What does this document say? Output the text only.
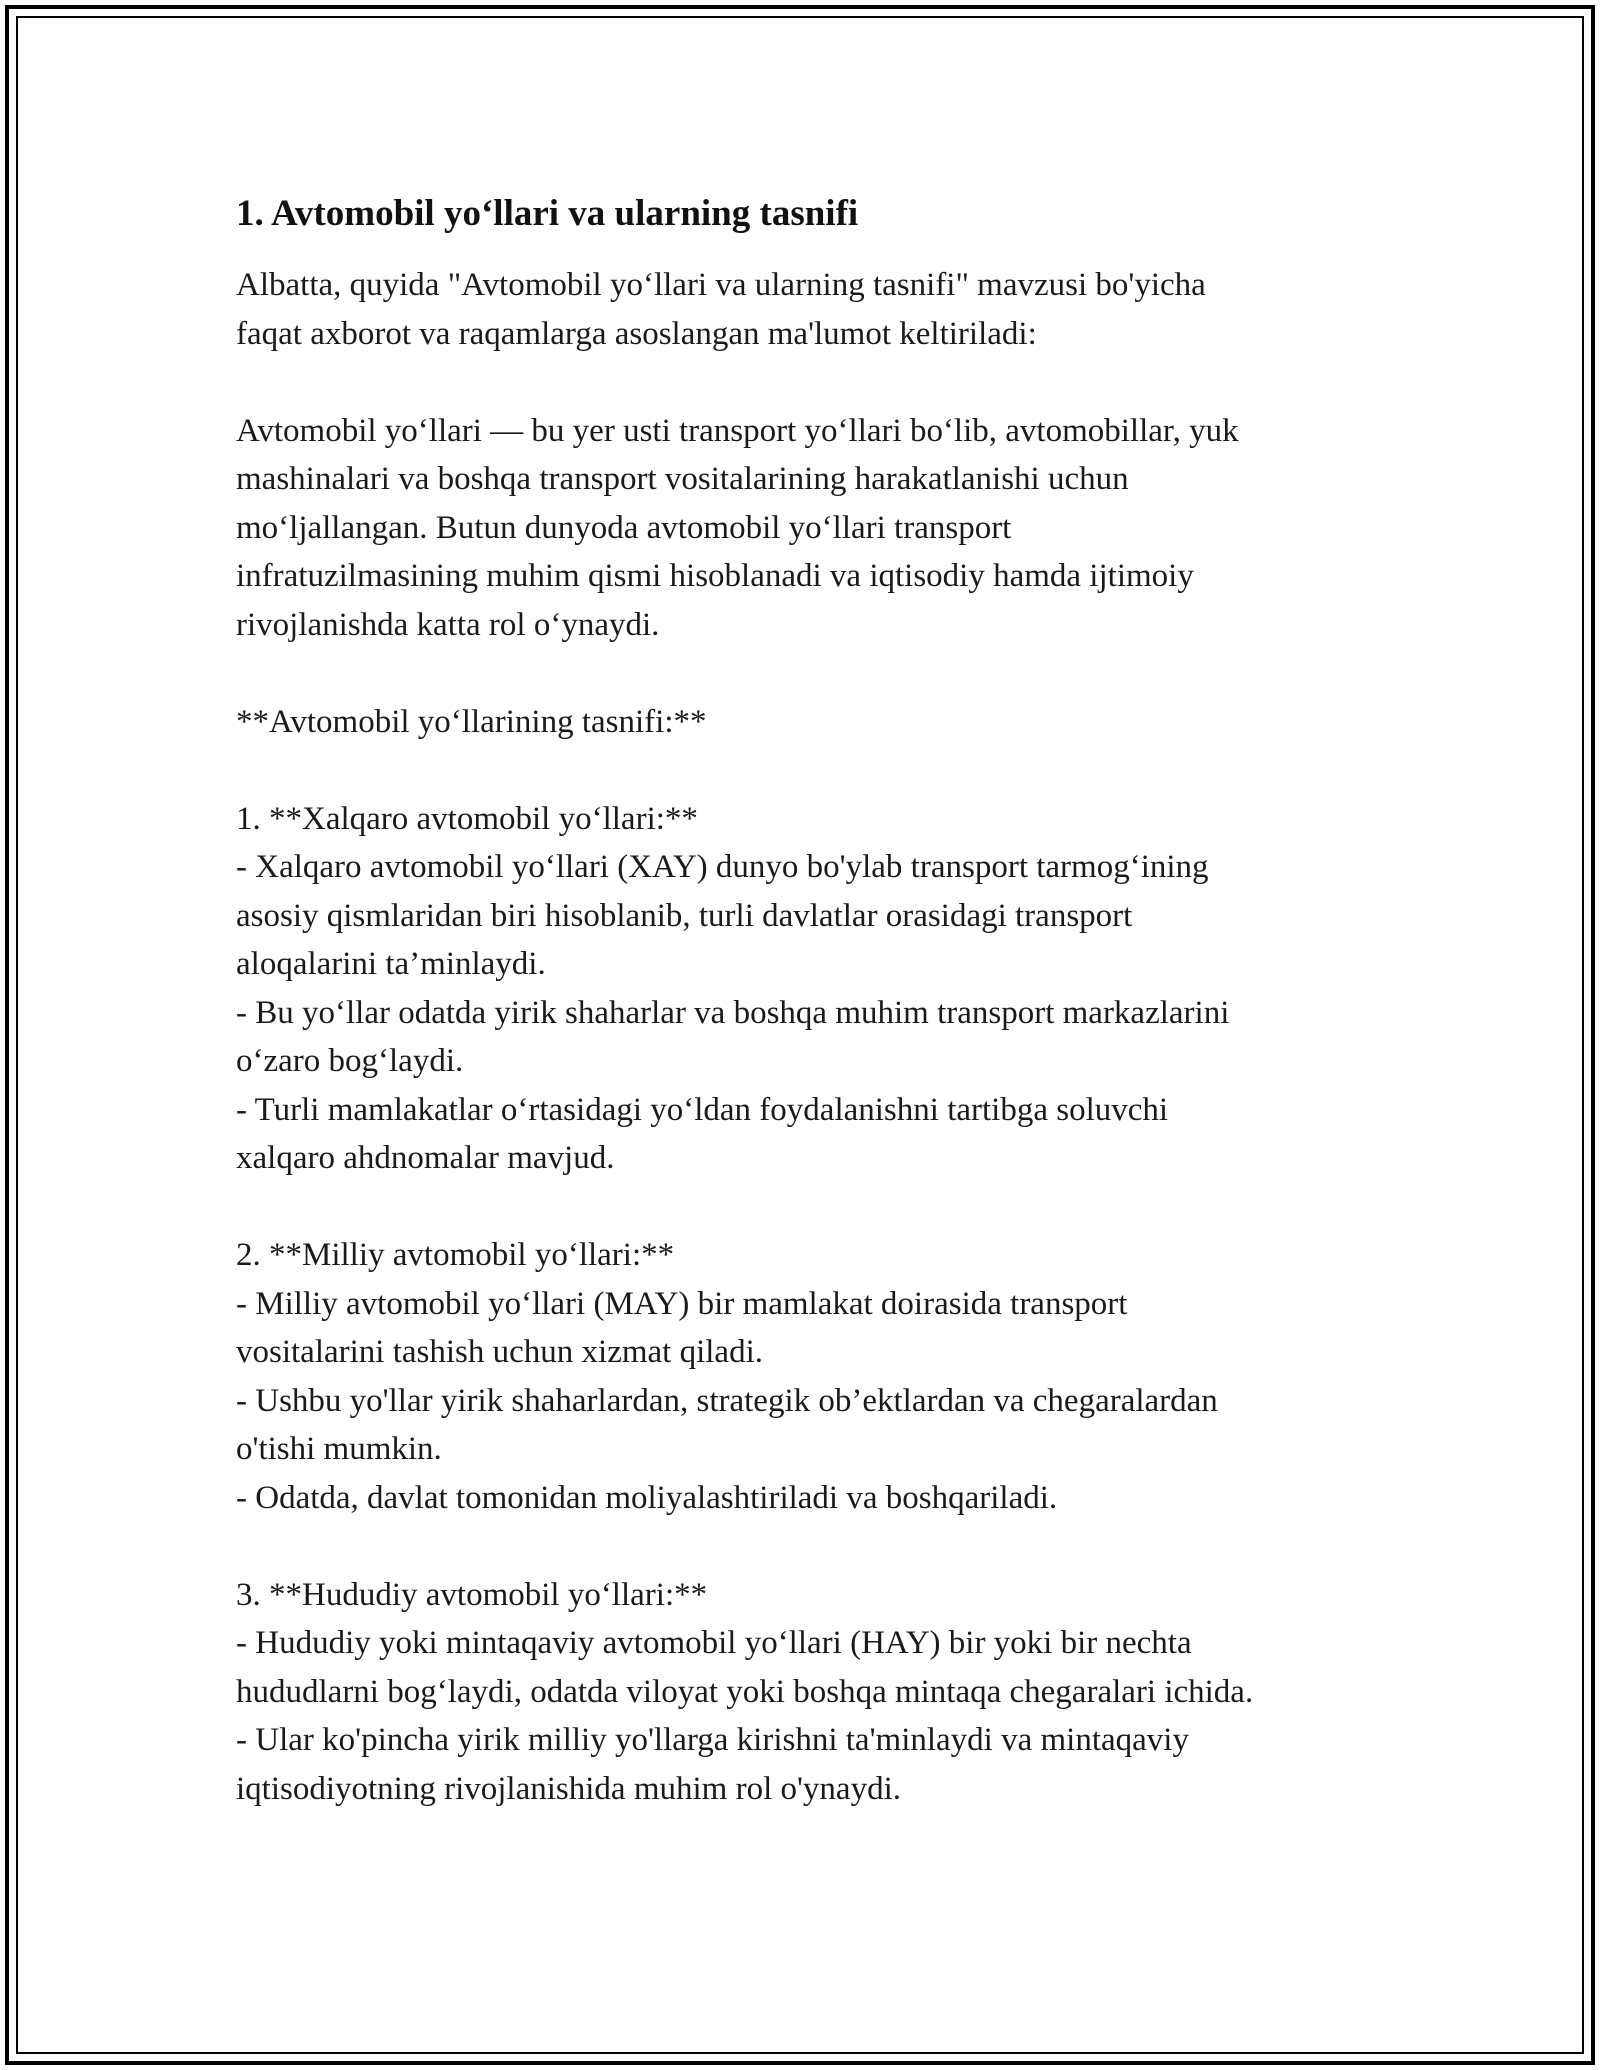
1. Avtomobil yo‘llari va ularning tasnifi

Albatta, quyida "Avtomobil yo‘llari va ularning tasnifi" mavzusi bo'yicha
faqat axborot va raqamlarga asoslangan ma'lumot keltiriladi:

Avtomobil yo‘llari — bu yer usti transport yo‘llari bo‘lib, avtomobillar, yuk
mashinalari va boshqa transport vositalarining harakatlanishi uchun
mo‘ljallangan. Butun dunyoda avtomobil yo‘llari transport
infratuzilmasining muhim qismi hisoblanadi va iqtisodiy hamda ijtimoiy
rivojlanishda katta rol o‘ynaydi.

**Avtomobil yo‘llarining tasnifi:**

1. **Xalqaro avtomobil yo‘llari:**
- Xalqaro avtomobil yo‘llari (XAY) dunyo bo'ylab transport tarmog‘ining
asosiy qismlaridan biri hisoblanib, turli davlatlar orasidagi transport
aloqalarini ta’minlaydi.
- Bu yo‘llar odatda yirik shaharlar va boshqa muhim transport markazlarini
o‘zaro bog‘laydi.
- Turli mamlakatlar o‘rtasidagi yo‘ldan foydalanishni tartibga soluvchi
xalqaro ahdnomalar mavjud.

2. **Milliy avtomobil yo‘llari:**
- Milliy avtomobil yo‘llari (MAY) bir mamlakat doirasida transport
vositalarini tashish uchun xizmat qiladi.
- Ushbu yo'llar yirik shaharlardan, strategik ob’ektlardan va chegaralardan
o'tishi mumkin.
- Odatda, davlat tomonidan moliyalashtiriladi va boshqariladi.

3. **Hududiy avtomobil yo‘llari:**
- Hududiy yoki mintaqaviy avtomobil yo‘llari (HAY) bir yoki bir nechta
hududlarni bog‘laydi, odatda viloyat yoki boshqa mintaqa chegaralari ichida.
- Ular ko'pincha yirik milliy yo'llarga kirishni ta'minlaydi va mintaqaviy
iqtisodiyotning rivojlanishida muhim rol o'ynaydi.
